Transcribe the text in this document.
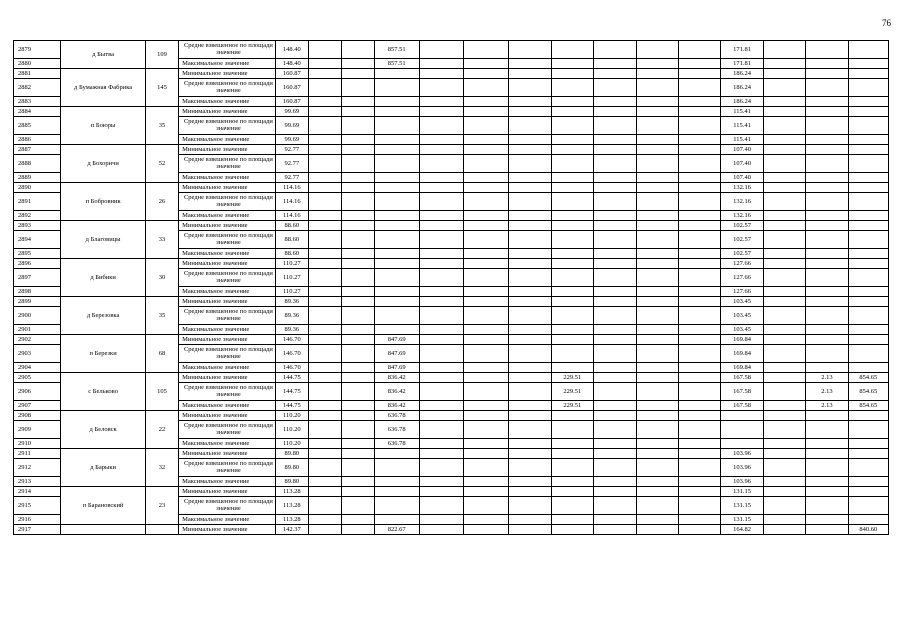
76
2879	д Бытва	109	Средне взвешенное по площади значение	148.40			857.51								171.81			
2880			Максимальное значение	148.40			857.51								171.81			
2881	д Бумажная Фабрика	145	Минимальное значение	160.87											186.24			
2882			Средне взвешенное по площади значение	160.87											186.24			
2883			Максимальное значение	160.87											186.24			
2884	п Боюры	35	Минимальное значение	99.69											115.41			
2885			Средне взвешенное по площади значение	99.69											115.41			
2886			Максимальное значение	99.69											115.41			
2887	д Бохоричи	52	Минимальное значение	92.77											107.40			
2888			Средне взвешенное по площади значение	92.77											107.40			
2889			Максимальное значение	92.77											107.40			
2890	п Бобровник	26	Минимальное значение	114.16											132.16			
2891			Средне взвешенное по площади значение	114.16											132.16			
2892			Максимальное значение	114.16											132.16			
2893	д Благовицы	33	Минимальное значение	88.60											102.57			
2894			Средне взвешенное по площади значение	88.60											102.57			
2895			Максимальное значение	88.60											102.57			
2896	д Бибики	30	Минимальное значение	110.27											127.66			
2897			Средне взвешенное по площади значение	110.27											127.66			
2898			Максимальное значение	110.27											127.66			
2899	д Березовка	35	Минимальное значение	89.36											103.45			
2900			Средне взвешенное по площади значение	89.36											103.45			
2901			Максимальное значение	89.36											103.45			
2902	п Березки	68	Минимальное значение	146.70			847.69								169.84			
2903			Средне взвешенное по площади значение	146.70			847.69								169.84			
2904			Максимальное значение	146.70			847.69								169.84			
2905	с Бельково	105	Минимальное значение	144.75			836.42				229.51				167.58		2.13	854.65
2906			Средне взвешенное по площади значение	144.75			836.42				229.51				167.58		2.13	854.65
2907			Максимальное значение	144.75			836.42				229.51				167.58		2.13	854.65
2908	д Беловск	22	Минимальное значение	110.20			636.78											
2909			Средне взвешенное по площади значение	110.20			636.78											
2910			Максимальное значение	110.20			636.78											
2911	д Барыки	32	Минимальное значение	89.80											103.96			
2912			Средне взвешенное по площади значение	89.80											103.96			
2913			Максимальное значение	89.80											103.96			
2914	п Барановский	23	Минимальное значение	113.28											131.15			
2915			Средне взвешенное по площади значение	113.28											131.15			
2916			Максимальное значение	113.28											131.15			
2917			Минимальное значение	142.37			822.67								164.82			840.60
